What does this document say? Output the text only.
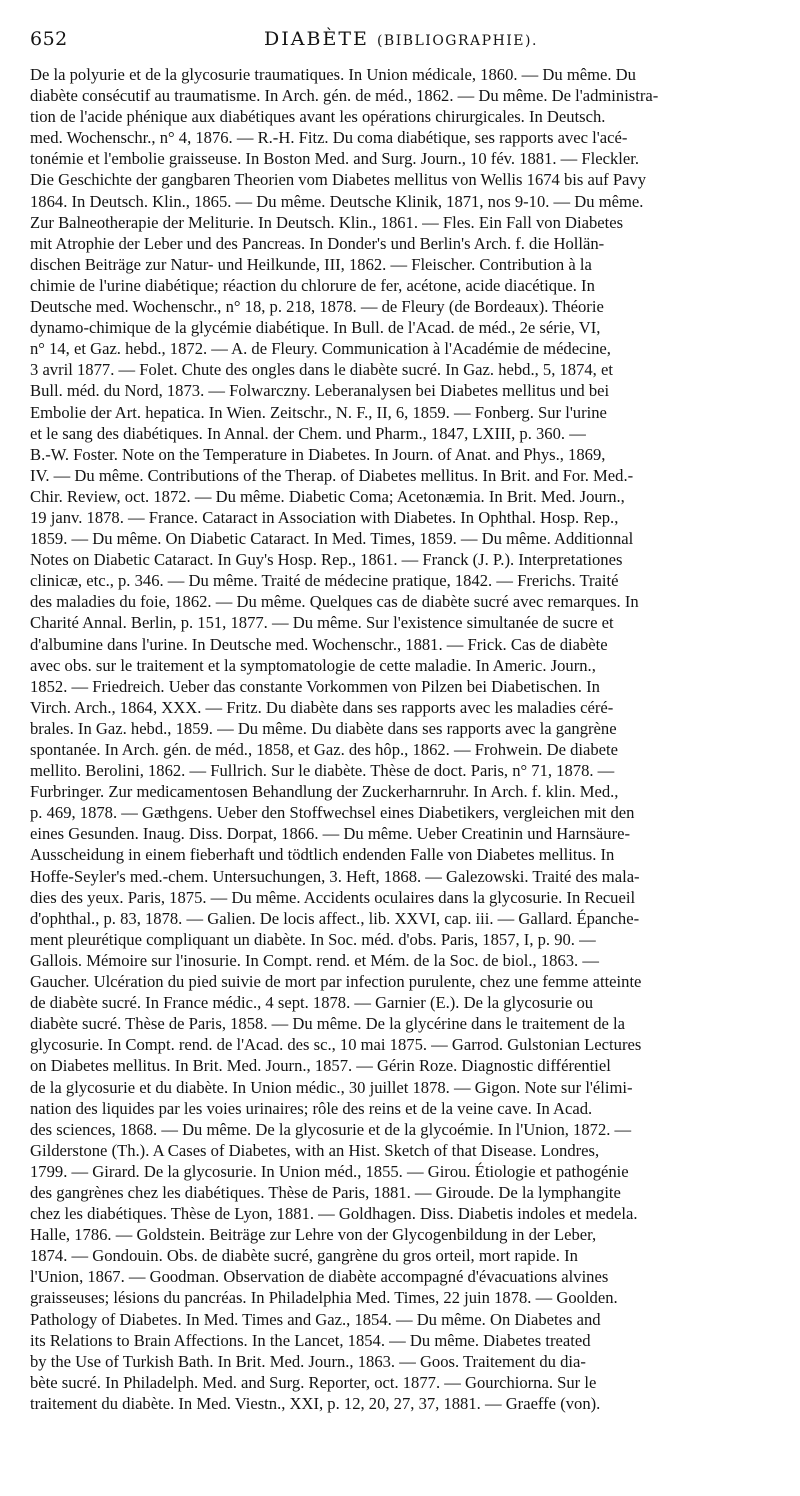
652	DIABÈTE (BIBLIOGRAPHIE).
De la polyurie et de la glycosurie traumatiques. In Union médicale, 1860. — Du même. Du
diabète consécutif au traumatisme. In Arch. gén. de méd., 1862. — Du même. De l'administra-
tion de l'acide phénique aux diabétiques avant les opérations chirurgicales. In Deutsch.
med. Wochenschr., n° 4, 1876. — R.-H. Fitz. Du coma diabétique, ses rapports avec l'acé-
tonémie et l'embolie graisseuse. In Boston Med. and Surg. Journ., 10 fév. 1881. — Fleckler.
Die Geschichte der gangbaren Theorien vom Diabetes mellitus von Wellis 1674 bis auf Pavy
1864. In Deutsch. Klin., 1865. — Du même. Deutsche Klinik, 1871, nos 9-10. — Du même.
Zur Balneotherapie der Meliturie. In Deutsch. Klin., 1861. — Fles. Ein Fall von Diabetes
mit Atrophie der Leber und des Pancreas. In Donder's und Berlin's Arch. f. die Hollän-
dischen Beiträge zur Natur- und Heilkunde, III, 1862. — Fleischer. Contribution à la
chimie de l'urine diabétique; réaction du chlorure de fer, acétone, acide diacétique. In
Deutsche med. Wochenschr., n° 18, p. 218, 1878. — de Fleury (de Bordeaux). Théorie
dynamo-chimique de la glycémie diabétique. In Bull. de l'Acad. de méd., 2e série, VI,
n° 14, et Gaz. hebd., 1872. — A. de Fleury. Communication à l'Académie de médecine,
3 avril 1877. — Folet. Chute des ongles dans le diabète sucré. In Gaz. hebd., 5, 1874, et
Bull. méd. du Nord, 1873. — Folwarczny. Leberanalysen bei Diabetes mellitus und bei
Embolie der Art. hepatica. In Wien. Zeitschr., N. F., II, 6, 1859. — Fonberg. Sur l'urine
et le sang des diabétiques. In Annal. der Chem. und Pharm., 1847, LXIII, p. 360. —
B.-W. Foster. Note on the Temperature in Diabetes. In Journ. of Anat. and Phys., 1869,
IV. — Du même. Contributions of the Therap. of Diabetes mellitus. In Brit. and For. Med.-
Chir. Review, oct. 1872. — Du même. Diabetic Coma; Acetonæmia. In Brit. Med. Journ.,
19 janv. 1878. — France. Cataract in Association with Diabetes. In Ophthal. Hosp. Rep.,
1859. — Du même. On Diabetic Cataract. In Med. Times, 1859. — Du même. Additionnal
Notes on Diabetic Cataract. In Guy's Hosp. Rep., 1861. — Franck (J. P.). Interpretationes
clinicæ, etc., p. 346. — Du même. Traité de médecine pratique, 1842. — Frerichs. Traité
des maladies du foie, 1862. — Du même. Quelques cas de diabète sucré avec remarques. In
Charité Annal. Berlin, p. 151, 1877. — Du même. Sur l'existence simultanée de sucre et
d'albumine dans l'urine. In Deutsche med. Wochenschr., 1881. — Frick. Cas de diabète
avec obs. sur le traitement et la symptomatologie de cette maladie. In Americ. Journ.,
1852. — Friedreich. Ueber das constante Vorkommen von Pilzen bei Diabetischen. In
Virch. Arch., 1864, XXX. — Fritz. Du diabète dans ses rapports avec les maladies céré-
brales. In Gaz. hebd., 1859. — Du même. Du diabète dans ses rapports avec la gangrène
spontanée. In Arch. gén. de méd., 1858, et Gaz. des hôp., 1862. — Frohwein. De diabete
mellito. Berolini, 1862. — Fullrich. Sur le diabète. Thèse de doct. Paris, n° 71, 1878. —
Furbringer. Zur medicamentosen Behandlung der Zuckerharnruhr. In Arch. f. klin. Med.,
p. 469, 1878. — Gæthgens. Ueber den Stoffwechsel eines Diabetikers, vergleichen mit den
eines Gesunden. Inaug. Diss. Dorpat, 1866. — Du même. Ueber Creatinin und Harnsäure-
Ausscheidung in einem fieberhaft und tödtlich endenden Falle von Diabetes mellitus. In
Hoffe-Seyler's med.-chem. Untersuchungen, 3. Heft, 1868. — Galezowski. Traité des mala-
dies des yeux. Paris, 1875. — Du même. Accidents oculaires dans la glycosurie. In Recueil
d'ophthal., p. 83, 1878. — Galien. De locis affect., lib. XXVI, cap. iii. — Gallard. Épanche-
ment pleurétique compliquant un diabète. In Soc. méd. d'obs. Paris, 1857, I, p. 90. —
Gallois. Mémoire sur l'inosurie. In Compt. rend. et Mém. de la Soc. de biol., 1863. —
Gaucher. Ulcération du pied suivie de mort par infection purulente, chez une femme atteinte
de diabète sucré. In France médic., 4 sept. 1878. — Garnier (E.). De la glycosurie ou
diabète sucré. Thèse de Paris, 1858. — Du même. De la glycérine dans le traitement de la
glycosurie. In Compt. rend. de l'Acad. des sc., 10 mai 1875. — Garrod. Gulstonian Lectures
on Diabetes mellitus. In Brit. Med. Journ., 1857. — Gérin Roze. Diagnostic différentiel
de la glycosurie et du diabète. In Union médic., 30 juillet 1878. — Gigon. Note sur l'élimi-
nation des liquides par les voies urinaires; rôle des reins et de la veine cave. In Acad.
des sciences, 1868. — Du même. De la glycosurie et de la glycoémie. In l'Union, 1872. —
Gilderstone (Th.). A Cases of Diabetes, with an Hist. Sketch of that Disease. Londres,
1799. — Girard. De la glycosurie. In Union méd., 1855. — Girou. Étiologie et pathogénie
des gangrènes chez les diabétiques. Thèse de Paris, 1881. — Giroude. De la lymphangite
chez les diabétiques. Thèse de Lyon, 1881. — Goldhagen. Diss. Diabetis indoles et medela.
Halle, 1786. — Goldstein. Beiträge zur Lehre von der Glycogenbildung in der Leber,
1874. — Gondouin. Obs. de diabète sucré, gangrène du gros orteil, mort rapide. In
l'Union, 1867. — Goodman. Observation de diabète accompagné d'évacuations alvines
graisseuses; lésions du pancréas. In Philadelphia Med. Times, 22 juin 1878. — Goolden.
Pathology of Diabetes. In Med. Times and Gaz., 1854. — Du même. On Diabetes and
its Relations to Brain Affections. In the Lancet, 1854. — Du même. Diabetes treated
by the Use of Turkish Bath. In Brit. Med. Journ., 1863. — Goos. Traitement du dia-
bète sucré. In Philadelph. Med. and Surg. Reporter, oct. 1877. — Gourchiorna. Sur le
traitement du diabète. In Med. Viestn., XXI, p. 12, 20, 27, 37, 1881. — Graeffe (von).
